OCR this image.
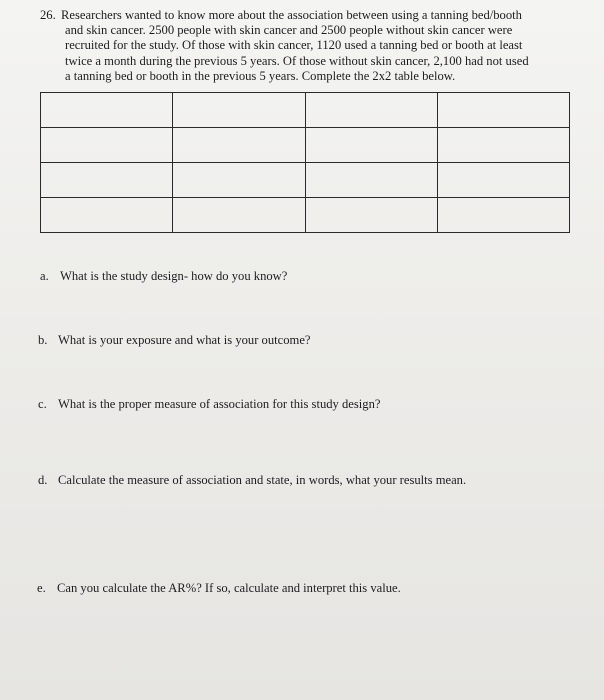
26. Researchers wanted to know more about the association between using a tanning bed/booth
and skin cancer. 2500 people with skin cancer and 2500 people without skin cancer were
recruited for the study. Of those with skin cancer, 1120 used a tanning bed or booth at least
twice a month during the previous 5 years. Of those without skin cancer, 2,100 had not used
a tanning bed or booth in the previous 5 years. Complete the 2x2 table below.

a. What is the study design- how do you know?
b. What is your exposure and what is your outcome?
c. What is the proper measure of association for this study design?
d. Calculate the measure of association and state, in words, what your results mean.
e. Can you calculate the AR%? If so, calculate and interpret this value.
